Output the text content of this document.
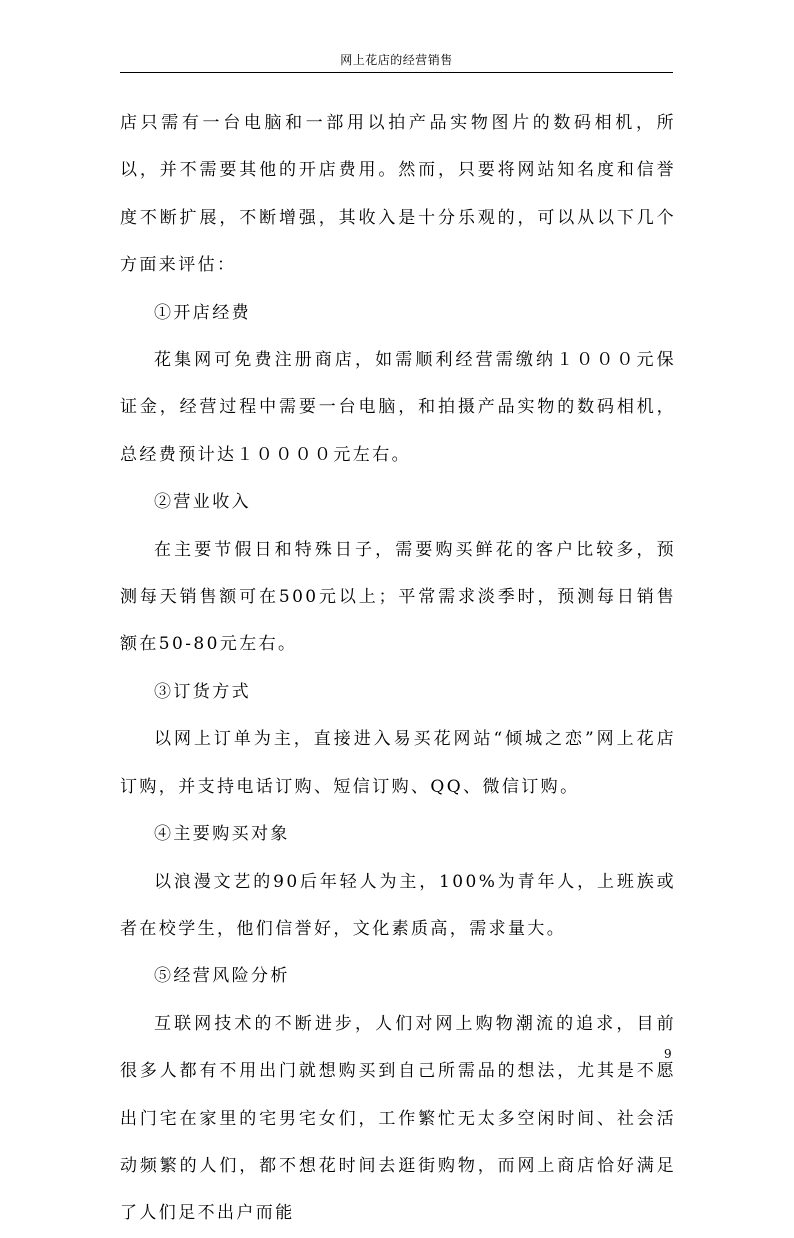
网上花店的经营销售

店只需有一台电脑和一部用以拍产品实物图片的数码相机，所以，并不需要其他的开店费用。然而，只要将网站知名度和信誉度不断扩展，不断增强，其收入是十分乐观的，可以从以下几个方面来评估：

①开店经费

花集网可免费注册商店，如需顺利经营需缴纳１０００元保证金，经营过程中需要一台电脑，和拍摄产品实物的数码相机，总经费预计达１００００元左右。

②营业收入

在主要节假日和特殊日子，需要购买鲜花的客户比较多，预测每天销售额可在500元以上；平常需求淡季时，预测每日销售额在50-80元左右。

③订货方式

以网上订单为主，直接进入易买花网站“倾城之恋”网上花店订购，并支持电话订购、短信订购、QQ、微信订购。

④主要购买对象

以浪漫文艺的90后年轻人为主，100%为青年人，上班族或者在校学生，他们信誉好，文化素质高，需求量大。

⑤经营风险分析

互联网技术的不断进步，人们对网上购物潮流的追求，目前很多人都有不用出门就想购买到自己所需品的想法，尤其是不愿出门宅在家里的宅男宅女们，工作繁忙无太多空闲时间、社会活动频繁的人们，都不想花时间去逛街购物，而网上商店恰好满足了人们足不出户而能

9
